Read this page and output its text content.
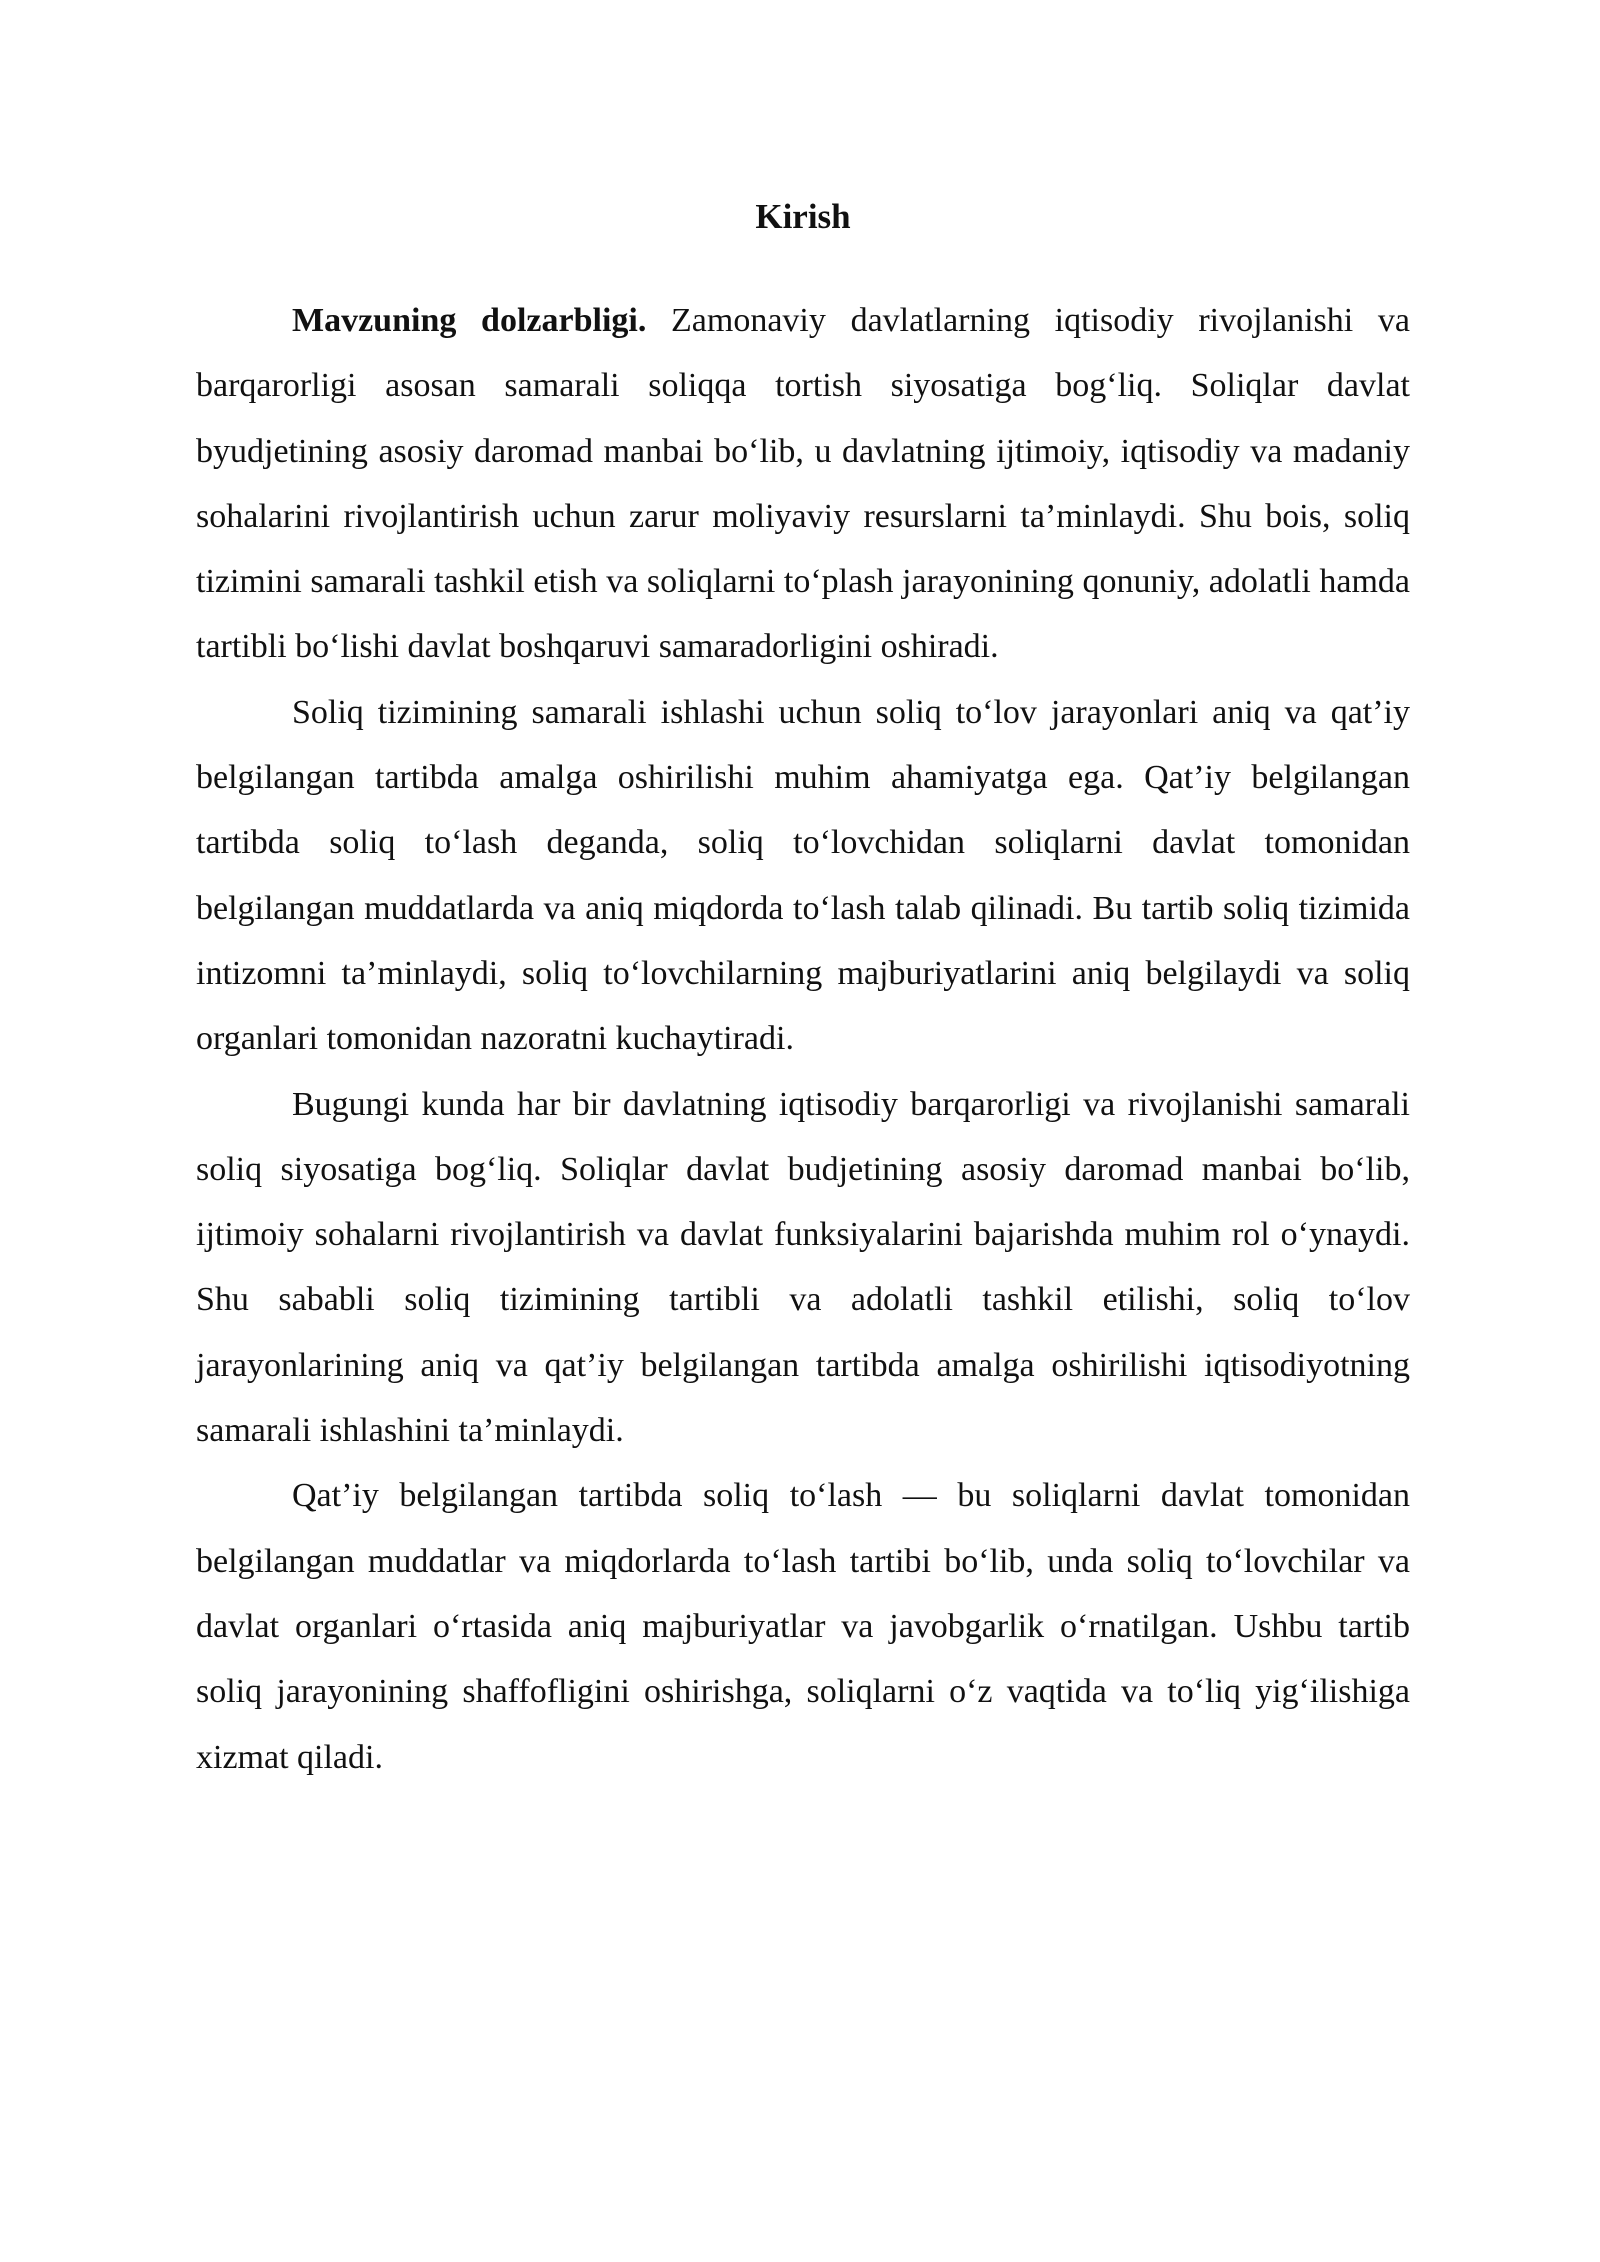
Kirish

Mavzuning dolzarbligi. Zamonaviy davlatlarning iqtisodiy rivojlanishi va barqarorligi asosan samarali soliqqa tortish siyosatiga bog‘liq. Soliqlar davlat byudjetining asosiy daromad manbai bo‘lib, u davlatning ijtimoiy, iqtisodiy va madaniy sohalarini rivojlantirish uchun zarur moliyaviy resurslarni ta’minlaydi. Shu bois, soliq tizimini samarali tashkil etish va soliqlarni to‘plash jarayonining qonuniy, adolatli hamda tartibli bo‘lishi davlat boshqaruvi samaradorligini oshiradi.

Soliq tizimining samarali ishlashi uchun soliq to‘lov jarayonlari aniq va qat’iy belgilangan tartibda amalga oshirilishi muhim ahamiyatga ega. Qat’iy belgilangan tartibda soliq to‘lash deganda, soliq to‘lovchidan soliqlarni davlat tomonidan belgilangan muddatlarda va aniq miqdorda to‘lash talab qilinadi. Bu tartib soliq tizimida intizomni ta’minlaydi, soliq to‘lovchilarning majburiyatlarini aniq belgilaydi va soliq organlari tomonidan nazoratni kuchaytiradi.

Bugungi kunda har bir davlatning iqtisodiy barqarorligi va rivojlanishi samarali soliq siyosatiga bog‘liq. Soliqlar davlat budjetining asosiy daromad manbai bo‘lib, ijtimoiy sohalarni rivojlantirish va davlat funksiyalarini bajarishda muhim rol o‘ynaydi. Shu sababli soliq tizimining tartibli va adolatli tashkil etilishi, soliq to‘lov jarayonlarining aniq va qat’iy belgilangan tartibda amalga oshirilishi iqtisodiyotning samarali ishlashini ta’minlaydi.

Qat’iy belgilangan tartibda soliq to‘lash — bu soliqlarni davlat tomonidan belgilangan muddatlar va miqdorlarda to‘lash tartibi bo‘lib, unda soliq to‘lovchilar va davlat organlari o‘rtasida aniq majburiyatlar va javobgarlik o‘rnatilgan. Ushbu tartib soliq jarayonining shaffofligini oshirishga, soliqlarni o‘z vaqtida va to‘liq yig‘ilishiga xizmat qiladi.
